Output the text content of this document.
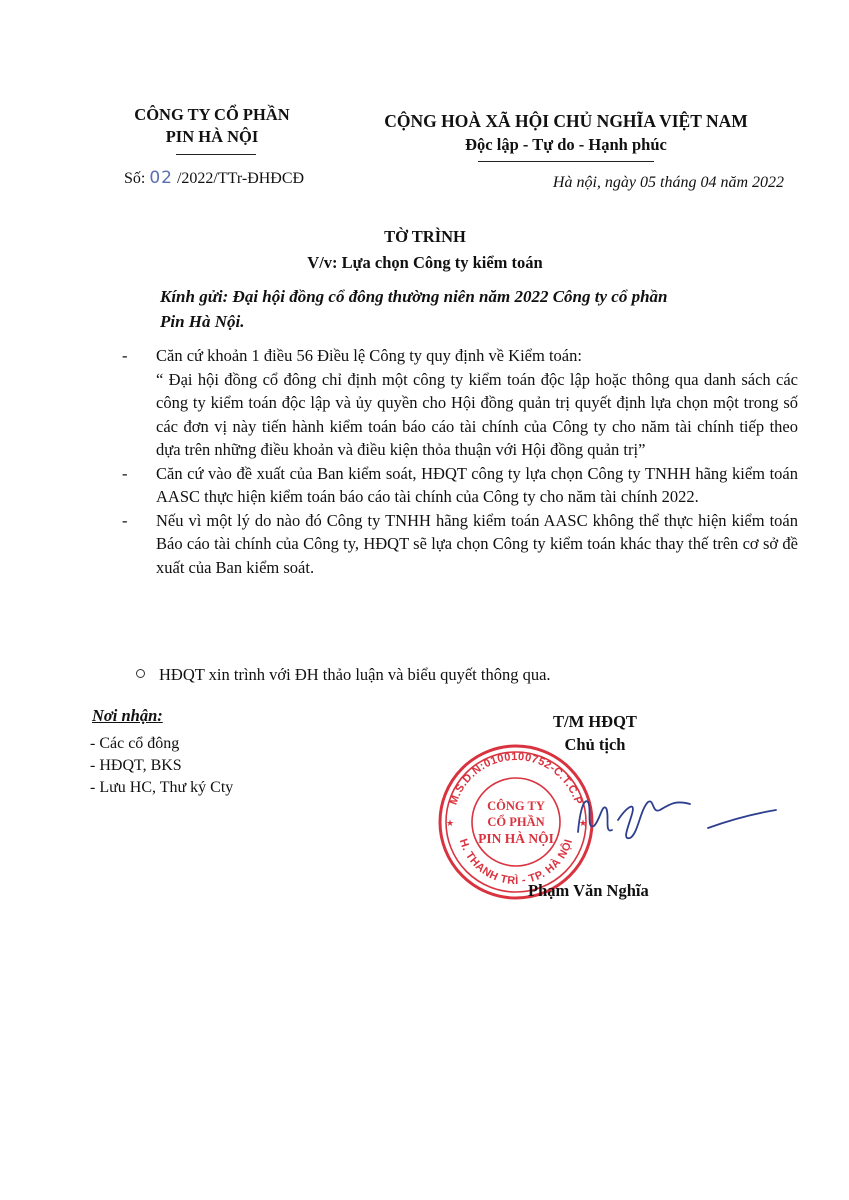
CÔNG TY CỔ PHẦN
PIN HÀ NỘI
CỘNG HOÀ XÃ HỘI CHỦ NGHĨA VIỆT NAM
Độc lập - Tự do - Hạnh phúc
Số: 02 /2022/TTr-ĐHĐCĐ	Hà nội, ngày 05 tháng 04 năm 2022
TỜ TRÌNH
V/v: Lựa chọn Công ty kiểm toán
Kính gửi: Đại hội đồng cổ đông thường niên năm 2022 Công ty cổ phần
Pin Hà Nội.
- Căn cứ khoản 1 điều 56 Điều lệ Công ty quy định về Kiểm toán:
“ Đại hội đồng cổ đông chỉ định một công ty kiểm toán độc lập hoặc thông qua danh sách các công ty kiểm toán độc lập và ủy quyền cho Hội đồng quản trị quyết định lựa chọn một trong số các đơn vị này tiến hành kiểm toán báo cáo tài chính của Công ty cho năm tài chính tiếp theo dựa trên những điều khoản và điều kiện thỏa thuận với Hội đồng quản trị”
- Căn cứ vào đề xuất của Ban kiểm soát, HĐQT công ty lựa chọn Công ty TNHH hãng kiểm toán AASC thực hiện kiểm toán báo cáo tài chính của Công ty cho năm tài chính 2022.
- Nếu vì một lý do nào đó Công ty TNHH hãng kiểm toán AASC không thể thực hiện kiểm toán Báo cáo tài chính của Công ty, HĐQT sẽ lựa chọn Công ty kiểm toán khác thay thế trên cơ sở đề xuất của Ban kiểm soát.
HĐQT xin trình với ĐH thảo luận và biểu quyết thông qua.
Nơi nhận:
- Các cổ đông
- HĐQT, BKS
- Lưu HC, Thư ký Cty
T/M HĐQT
Chủ tịch
M.S.D.N:0100100752-C.T.C.P
H. THANH TRÌ - TP. HÀ NỘI
★	★
CÔNG TY
CỔ PHẦN
PIN HÀ NỘI
Phạm Văn Nghĩa
